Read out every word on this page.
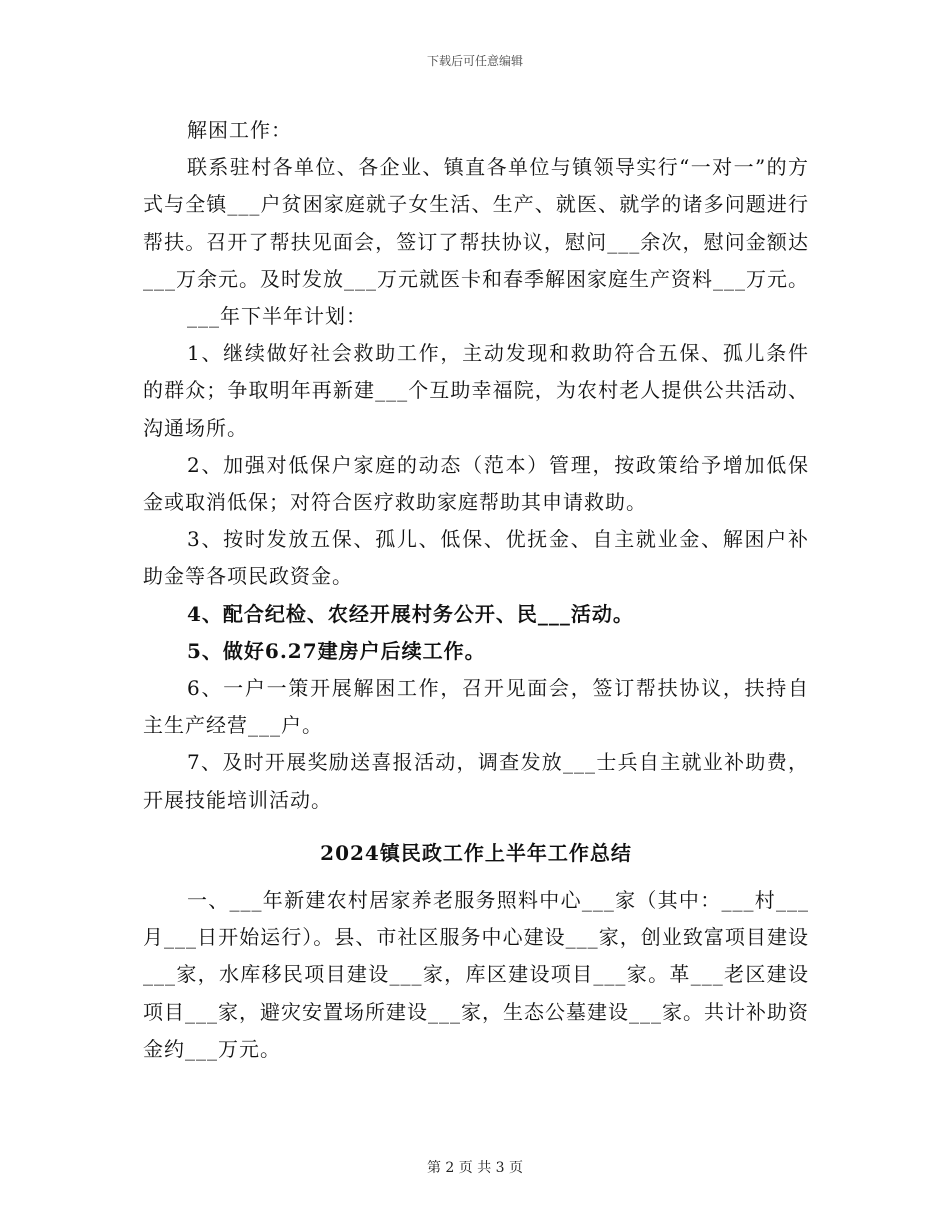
下载后可任意编辑

解困工作：

联系驻村各单位、各企业、镇直各单位与镇领导实行“一对一”的方式与全镇___户贫困家庭就子女生活、生产、就医、就学的诸多问题进行帮扶。召开了帮扶见面会，签订了帮扶协议，慰问___余次，慰问金额达___万余元。及时发放___万元就医卡和春季解困家庭生产资料___万元。

___年下半年计划：

1、继续做好社会救助工作，主动发现和救助符合五保、孤儿条件的群众；争取明年再新建___个互助幸福院，为农村老人提供公共活动、沟通场所。

2、加强对低保户家庭的动态（范本）管理，按政策给予增加低保金或取消低保；对符合医疗救助家庭帮助其申请救助。

3、按时发放五保、孤儿、低保、优抚金、自主就业金、解困户补助金等各项民政资金。

4、配合纪检、农经开展村务公开、民___活动。

5、做好6.27建房户后续工作。

6、一户一策开展解困工作，召开见面会，签订帮扶协议，扶持自主生产经营___户。

7、及时开展奖励送喜报活动，调查发放___士兵自主就业补助费，开展技能培训活动。

2024镇民政工作上半年工作总结

一、___年新建农村居家养老服务照料中心___家（其中：___村___月___日开始运行）。县、市社区服务中心建设___家，创业致富项目建设___家，水库移民项目建设___家，库区建设项目___家。革___老区建设项目___家，避灾安置场所建设___家，生态公墓建设___家。共计补助资金约___万元。

第 2 页 共 3 页
